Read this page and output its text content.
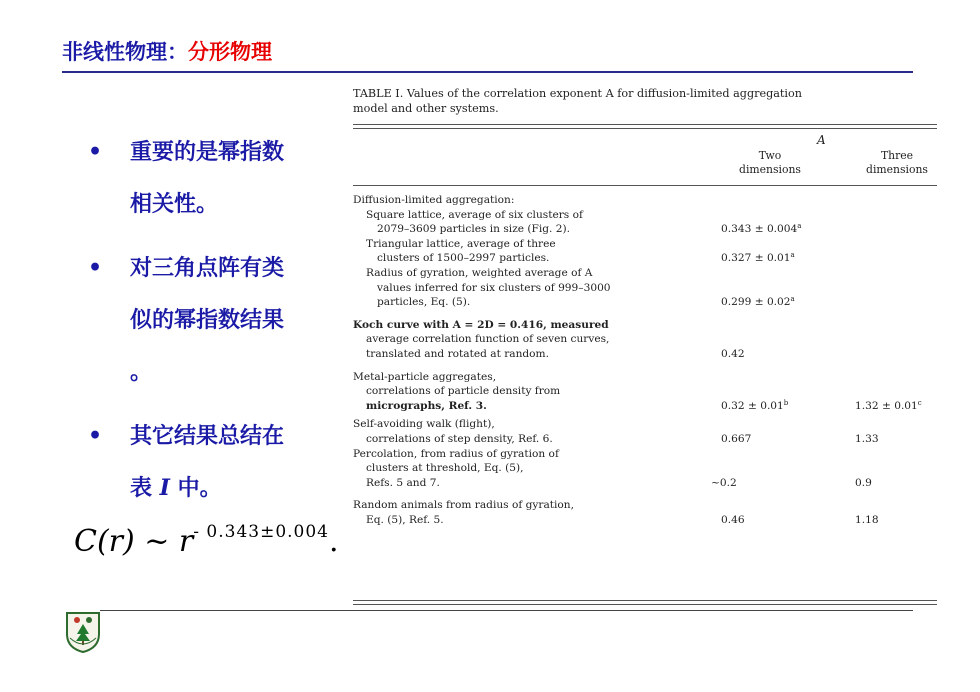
非线性物理：分形物理
• 重要的是幂指数
相关性。
• 对三角点阵有类
似的幂指数结果
。
• 其它结果总结在
表 I 中。
C(r) ~ $r^{- 0.343\pm 0.004}$.
TABLE I. Values of the correlation exponent A for diffusion-limited aggregation
model and other systems.
A
Two
dimensions
Three
dimensions
Diffusion-limited aggregation:
Square lattice, average of six clusters of
2079–3609 particles in size (Fig. 2).	0.343 ± 0.004$^a$
Triangular lattice, average of three
clusters of 1500–2997 particles.	0.327 ± 0.01$^a$
Radius of gyration, weighted average of A
values inferred for six clusters of 999–3000
particles, Eq. (5).	0.299 ± 0.02$^a$
Koch curve with A = 2D = 0.416, measured
average correlation function of seven curves,
translated and rotated at random.	0.42
Metal-particle aggregates,
correlations of particle density from
micrographs, Ref. 3.	0.32 ± 0.01$^b$	1.32 ± 0.01$^c$
Self-avoiding walk (flight),
correlations of step density, Ref. 6.	0.667	1.33
Percolation, from radius of gyration of
clusters at threshold, Eq. (5),
Refs. 5 and 7.	~0.2	0.9
Random animals from radius of gyration,
Eq. (5), Ref. 5.	0.46	1.18
